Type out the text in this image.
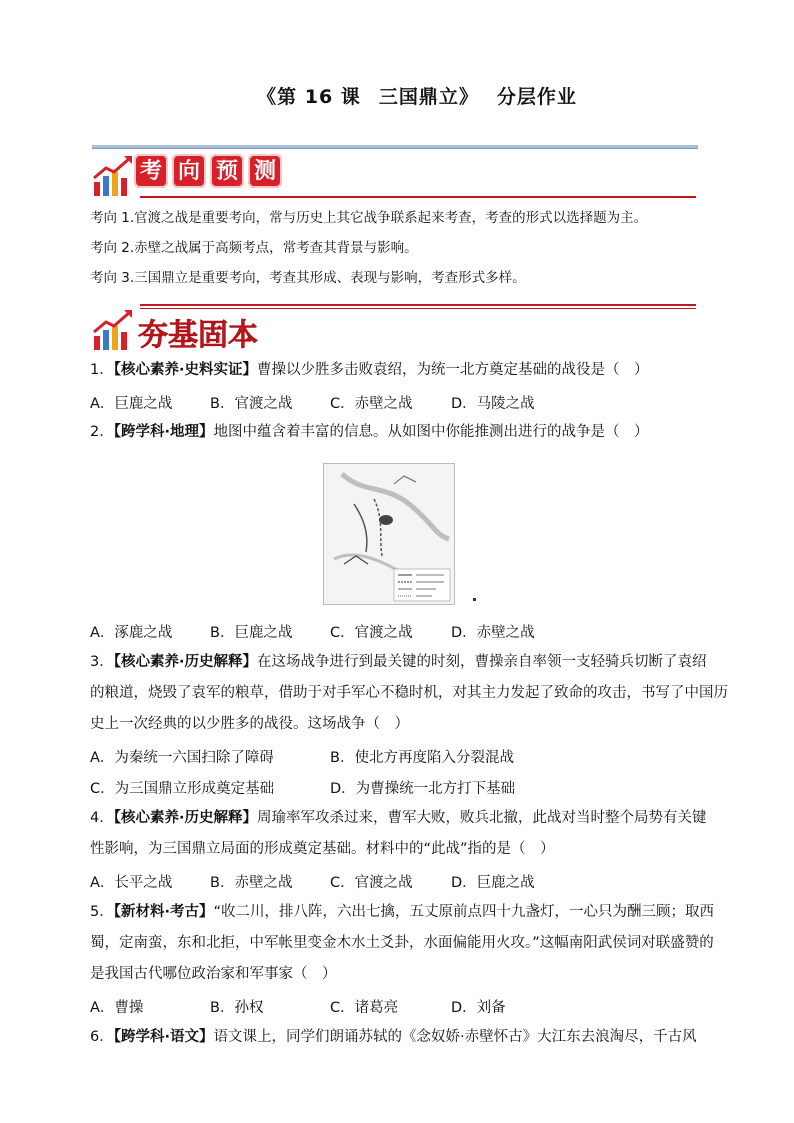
《第 16 课 三国鼎立》 分层作业
考 向 预 测
考向 1.官渡之战是重要考向，常与历史上其它战争联系起来考查，考查的形式以选择题为主。
考向 2.赤壁之战属于高频考点，常考查其背景与影响。
考向 3.三国鼎立是重要考向，考查其形成、表现与影响，考查形式多样。
夯基固本
1．【核心素养·史料实证】曹操以少胜多击败袁绍，为统一北方奠定基础的战役是（　）
A．巨鹿之战	B．官渡之战	C．赤壁之战	D．马陵之战
2．【跨学科·地理】地图中蕴含着丰富的信息。从如图中你能推测出进行的战争是（　）
A．涿鹿之战	B．巨鹿之战	C．官渡之战	D．赤壁之战
3．【核心素养·历史解释】在这场战争进行到最关键的时刻，曹操亲自率领一支轻骑兵切断了袁绍
的粮道，烧毁了袁军的粮草，借助于对手军心不稳时机，对其主力发起了致命的攻击，书写了中国历
史上一次经典的以少胜多的战役。这场战争（　）
A．为秦统一六国扫除了障碍	B．使北方再度陷入分裂混战
C．为三国鼎立形成奠定基础	D．为曹操统一北方打下基础
4．【核心素养·历史解释】周瑜率军攻杀过来，曹军大败，败兵北撤，此战对当时整个局势有关键
性影响，为三国鼎立局面的形成奠定基础。材料中的“此战”指的是（　）
A．长平之战	B．赤壁之战	C．官渡之战	D．巨鹿之战
5．【新材料·考古】“收二川，排八阵，六出七擒，五丈原前点四十九盏灯，一心只为酬三顾；取西
蜀，定南蛮，东和北拒，中军帐里变金木水土爻卦，水面偏能用火攻。”这幅南阳武侯词对联盛赞的
是我国古代哪位政治家和军事家（　）
A．曹操	B．孙权	C．诸葛亮	D．刘备
6．【跨学科·语文】语文课上，同学们朗诵苏轼的《念奴娇·赤壁怀古》大江东去浪淘尽，千古风
